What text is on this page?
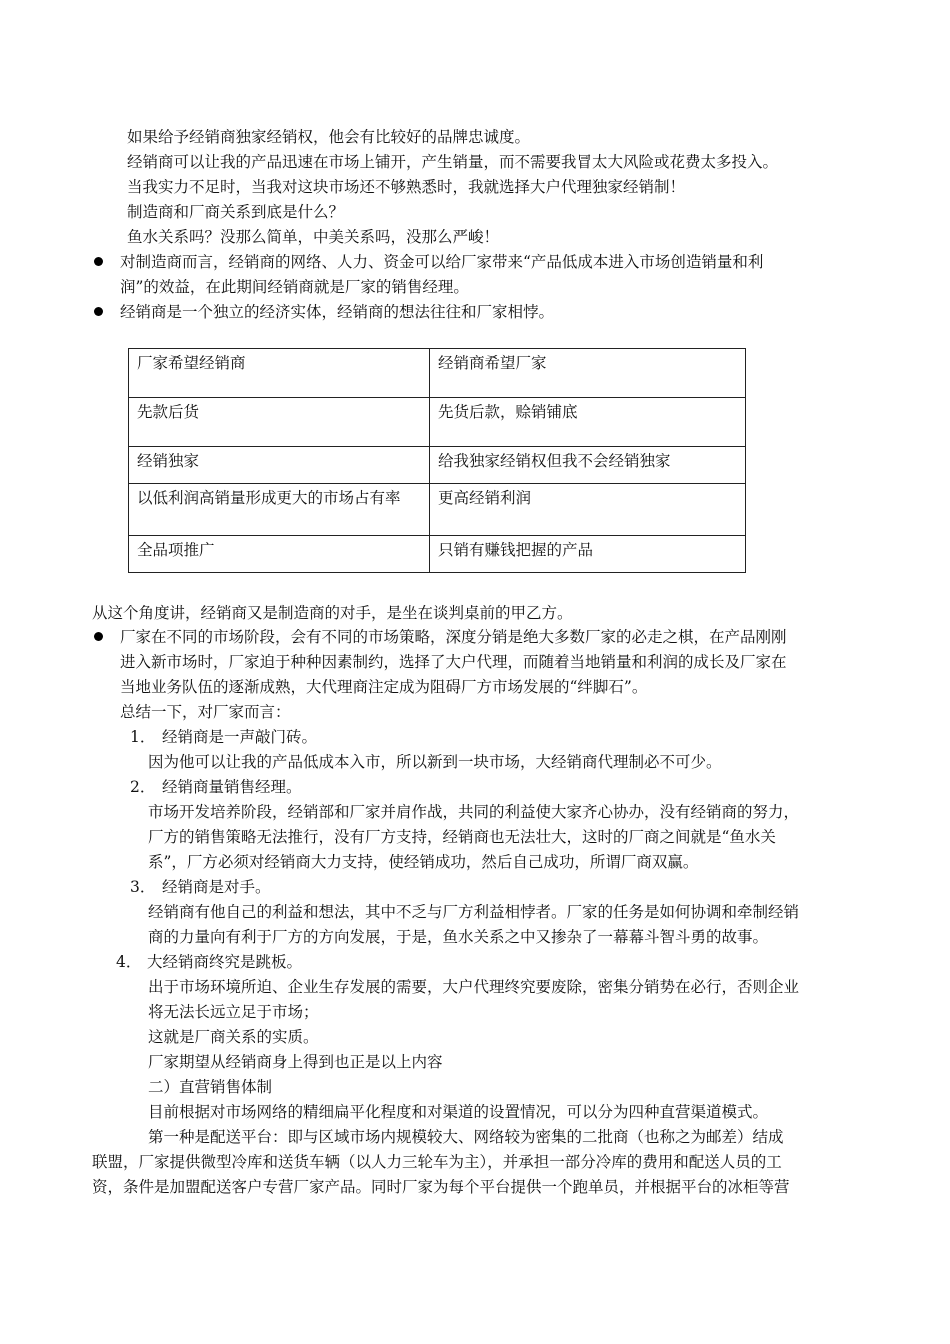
如果给予经销商独家经销权，他会有比较好的品牌忠诚度。
经销商可以让我的产品迅速在市场上铺开，产生销量，而不需要我冒太大风险或花费太多投入。
当我实力不足时，当我对这块市场还不够熟悉时，我就选择大户代理独家经销制！
制造商和厂商关系到底是什么？
鱼水关系吗？没那么简单，中美关系吗，没那么严峻！
对制造商而言，经销商的网络、人力、资金可以给厂家带来“产品低成本进入市场创造销量和利
润”的效益，在此期间经销商就是厂家的销售经理。
经销商是一个独立的经济实体，经销商的想法往往和厂家相悖。
厂家希望经销商	经销商希望厂家
先款后货	先货后款，赊销铺底
经销独家	给我独家经销权但我不会经销独家
以低利润高销量形成更大的市场占有率	更高经销利润
全品项推广	只销有赚钱把握的产品
从这个角度讲，经销商又是制造商的对手，是坐在谈判桌前的甲乙方。
厂家在不同的市场阶段，会有不同的市场策略，深度分销是绝大多数厂家的必走之棋，在产品刚刚
进入新市场时，厂家迫于种种因素制约，选择了大户代理，而随着当地销量和利润的成长及厂家在
当地业务队伍的逐渐成熟，大代理商注定成为阻碍厂方市场发展的“绊脚石”。
总结一下，对厂家而言：
1． 经销商是一声敲门砖。
因为他可以让我的产品低成本入市，所以新到一块市场，大经销商代理制必不可少。
2． 经销商量销售经理。
市场开发培养阶段，经销部和厂家并肩作战，共同的利益使大家齐心协办，没有经销商的努力，
厂方的销售策略无法推行，没有厂方支持，经销商也无法壮大，这时的厂商之间就是“鱼水关
系”，厂方必须对经销商大力支持，使经销成功，然后自己成功，所谓厂商双赢。
3． 经销商是对手。
经销商有他自己的利益和想法，其中不乏与厂方利益相悖者。厂家的任务是如何协调和牵制经销
商的力量向有利于厂方的方向发展，于是，鱼水关系之中又掺杂了一幕幕斗智斗勇的故事。
4． 大经销商终究是跳板。
出于市场环境所迫、企业生存发展的需要，大户代理终究要废除，密集分销势在必行，否则企业
将无法长远立足于市场；
这就是厂商关系的实质。
厂家期望从经销商身上得到也正是以上内容
二）直营销售体制
目前根据对市场网络的精细扁平化程度和对渠道的设置情况，可以分为四种直营渠道模式。
第一种是配送平台：即与区域市场内规模较大、网络较为密集的二批商（也称之为邮差）结成
联盟，厂家提供微型冷库和送货车辆（以人力三轮车为主），并承担一部分冷库的费用和配送人员的工
资，条件是加盟配送客户专营厂家产品。同时厂家为每个平台提供一个跑单员，并根据平台的冰柜等营
